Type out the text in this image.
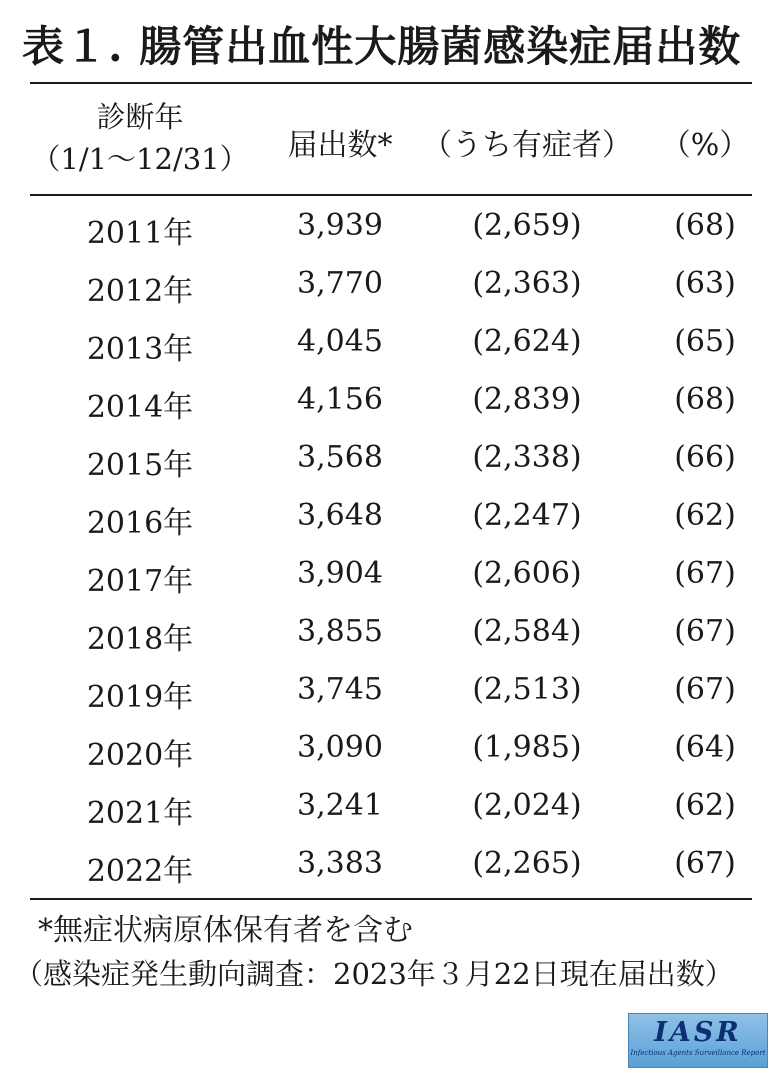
表１. 腸管出血性大腸菌感染症届出数
診断年
（1/1～12/31）	届出数* （うち有症者） （%）
2011年	3,939	(2,659)	(68)
2012年	3,770	(2,363)	(63)
2013年	4,045	(2,624)	(65)
2014年	4,156	(2,839)	(68)
2015年	3,568	(2,338)	(66)
2016年	3,648	(2,247)	(62)
2017年	3,904	(2,606)	(67)
2018年	3,855	(2,584)	(67)
2019年	3,745	(2,513)	(67)
2020年	3,090	(1,985)	(64)
2021年	3,241	(2,024)	(62)
2022年	3,383	(2,265)	(67)
*無症状病原体保有者を含む
（感染症発生動向調査：2023年３月22日現在届出数）
IASR
Infectious Agents Surveillance Report
